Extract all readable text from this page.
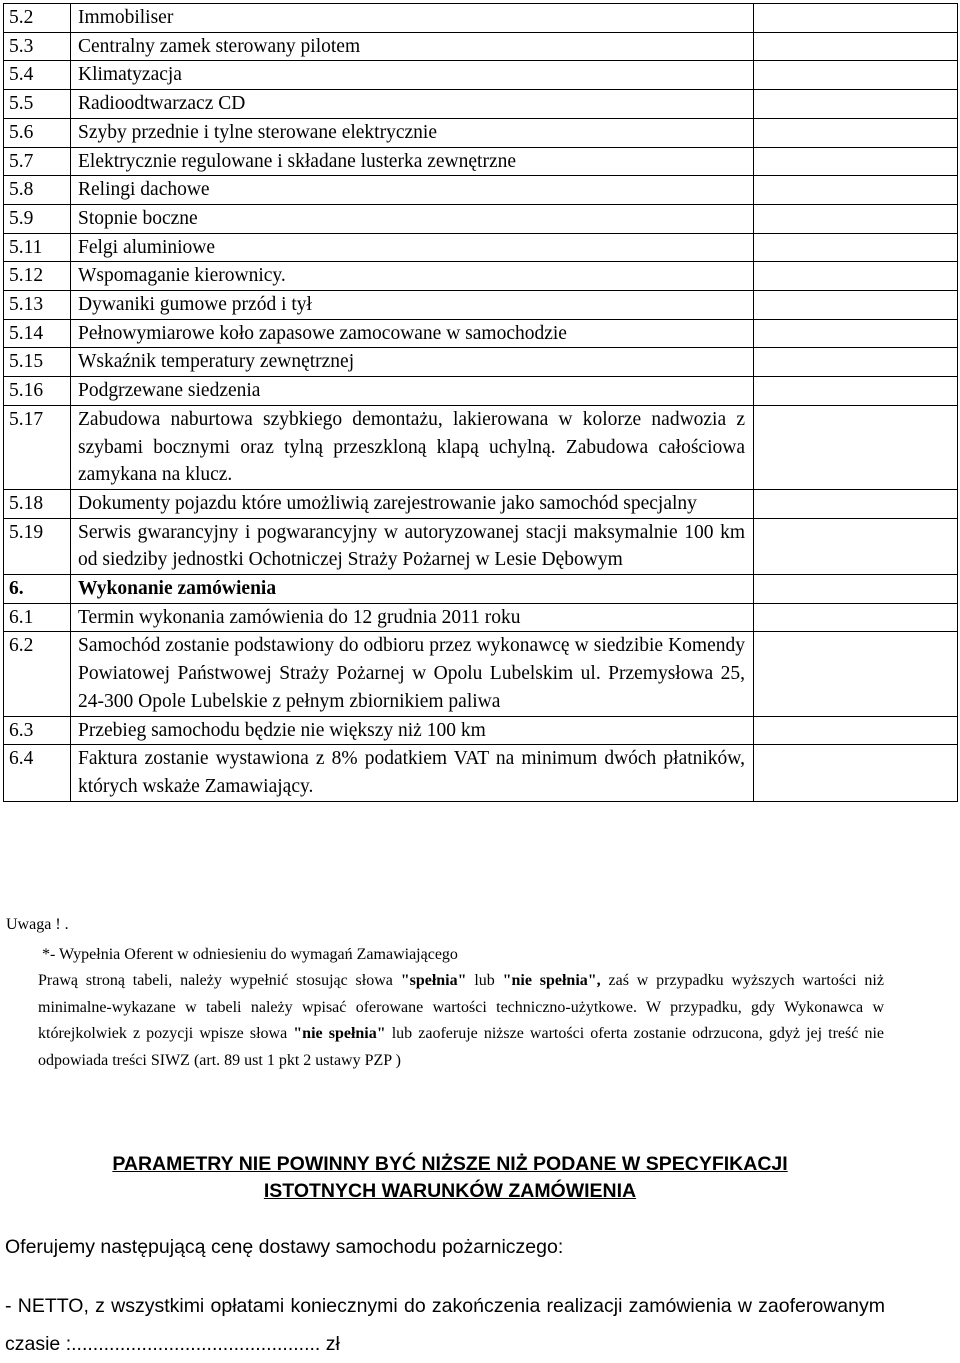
5.2	Immobiliser	
5.3	Centralny zamek sterowany pilotem	
5.4	Klimatyzacja	
5.5	Radioodtwarzacz CD	
5.6	Szyby przednie i tylne sterowane elektrycznie	
5.7	Elektrycznie regulowane i składane lusterka zewnętrzne	
5.8	Relingi dachowe	
5.9	Stopnie boczne	
5.11	Felgi aluminiowe	
5.12	Wspomaganie kierownicy.	
5.13	Dywaniki gumowe przód i tył	
5.14	Pełnowymiarowe koło zapasowe zamocowane w samochodzie	
5.15	Wskaźnik temperatury zewnętrznej	
5.16	Podgrzewane siedzenia	
5.17	Zabudowa naburtowa szybkiego demontażu, lakierowana w kolorze nadwozia z szybami bocznymi oraz tylną przeszkloną klapą uchylną. Zabudowa całościowa zamykana na klucz.	
5.18	Dokumenty pojazdu które umożliwią zarejestrowanie jako samochód specjalny	
5.19	Serwis gwarancyjny i pogwarancyjny w autoryzowanej stacji maksymalnie 100 km od siedziby jednostki Ochotniczej Straży Pożarnej w Lesie Dębowym	
6.	Wykonanie zamówienia	
6.1	Termin wykonania zamówienia do 12 grudnia 2011 roku	
6.2	Samochód zostanie podstawiony do odbioru przez wykonawcę w siedzibie Komendy Powiatowej Państwowej Straży Pożarnej w Opolu Lubelskim ul. Przemysłowa 25, 24-300 Opole Lubelskie z pełnym zbiornikiem paliwa	
6.3	Przebieg samochodu będzie nie większy niż 100 km	
6.4	Faktura zostanie wystawiona z 8% podatkiem VAT na minimum dwóch płatników, których wskaże Zamawiający.	
Uwaga ! .

*- Wypełnia Oferent w odniesieniu do wymagań Zamawiającego

Prawą stroną tabeli, należy wypełnić stosując słowa "spełnia" lub "nie spełnia", zaś w przypadku wyższych wartości niż minimalne-wykazane w tabeli należy wpisać oferowane wartości techniczno-użytkowe. W przypadku, gdy Wykonawca w którejkolwiek z pozycji wpisze słowa "nie spełnia" lub zaoferuje niższe wartości oferta zostanie odrzucona, gdyż jej treść nie odpowiada treści SIWZ (art. 89 ust 1 pkt 2 ustawy PZP )

PARAMETRY NIE POWINNY BYĆ NIŻSZE NIŻ PODANE W SPECYFIKACJI
ISTOTNYCH WARUNKÓW ZAMÓWIENIA
Oferujemy następującą cenę dostawy samochodu pożarniczego:
- NETTO, z wszystkimi opłatami koniecznymi do zakończenia realizacji zamówienia w zaoferowanym czasie :.............................................. zł
